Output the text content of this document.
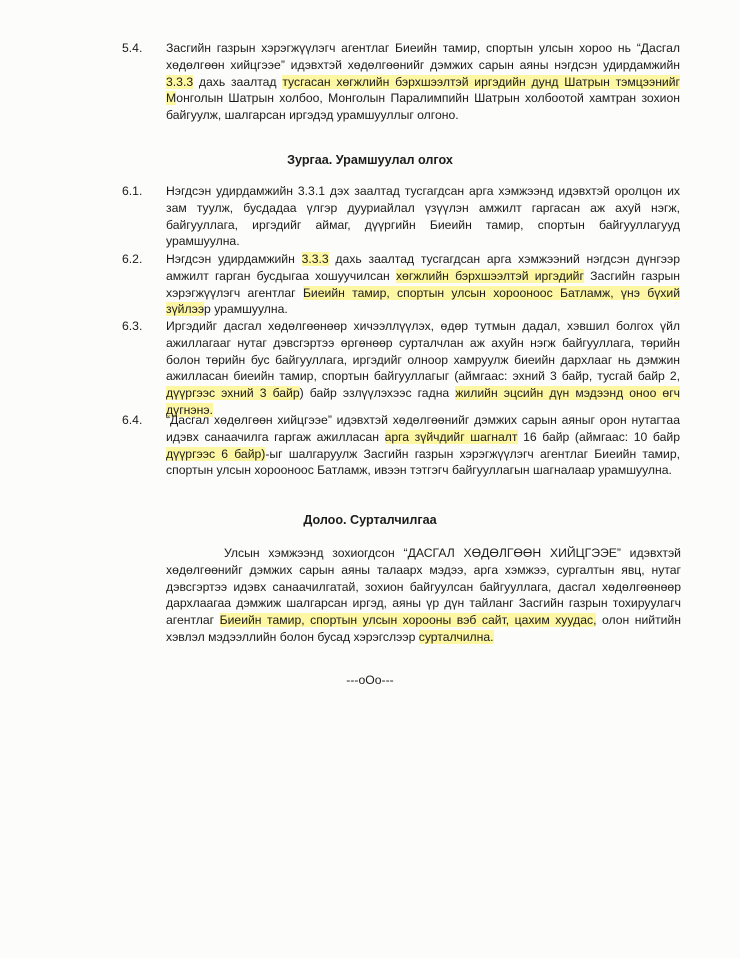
5.4.	Засгийн газрын хэрэгжүүлэгч агентлаг Биеийн тамир, спортын улсын хороо нь “Дасгал хөдөлгөөн хийцгээе” идэвхтэй хөдөлгөөнийг дэмжих сарын аяны нэгдсэн удирдамжийн 3.3.3 дахь заалтад тусгасан хөгжлийн бэрхшээлтэй иргэдийн дунд Шатрын тэмцээнийг Монголын Шатрын холбоо, Монголын Паралимпийн Шатрын холбоотой хамтран зохион байгуулж, шалгарсан иргэдэд урамшууллыг олгоно.
Зургаа. Урамшуулал олгох
6.1.	Нэгдсэн удирдамжийн 3.3.1 дэх заалтад тусгагдсан арга хэмжээнд идэвхтэй оролцон их зам туулж, бусдадаа үлгэр дууриайлал үзүүлэн амжилт гаргасан аж ахуй нэгж, байгууллага, иргэдийг аймаг, дүүргийн Биеийн тамир, спортын байгууллагууд урамшуулна.
6.2.	Нэгдсэн удирдамжийн 3.3.3 дахь заалтад тусгагдсан арга хэмжээний нэгдсэн дүнгээр амжилт гарган бусдыгаа хошуучилсан хөгжлийн бэрхшээлтэй иргэдийг Засгийн газрын хэрэгжүүлэгч агентлаг Биеийн тамир, спортын улсын хорооноос Батламж, үнэ бүхий зүйлээр урамшуулна.
6.3.	Иргэдийг дасгал хөдөлгөөнөөр хичээллүүлэх, өдөр тутмын дадал, хэвшил болгох үйл ажиллагааг нутаг дэвсгэртээ өргөнөөр сурталчлан аж ахуйн нэгж байгууллага, төрийн болон төрийн бус байгууллага, иргэдийг олноор хамруулж биеийн дархлааг нь дэмжин ажилласан биеийн тамир, спортын байгууллагыг (аймгаас: эхний 3 байр, тусгай байр 2, дүүргээс эхний 3 байр) байр эзлүүлэхээс гадна жилийн эцсийн дүн мэдээнд оноо өгч дүгнэнэ.
6.4.	“Дасгал хөдөлгөөн хийцгээе” идэвхтэй хөдөлгөөнийг дэмжих сарын аяныг орон нутагтаа идэвх санаачилга гаргаж ажилласан арга зүйчдийг шагналт 16 байр (аймгаас: 10 байр дүүргээс 6 байр)-ыг шалгаруулж Засгийн газрын хэрэгжүүлэгч агентлаг Биеийн тамир, спортын улсын хорооноос Батламж, ивээн тэтгэгч байгууллагын шагналаар урамшуулна.
Долоо. Сурталчилгаа
Улсын хэмжээнд зохиогдсон “ДАСГАЛ ХӨДӨЛГӨӨН ХИЙЦГЭЭЕ” идэвхтэй хөдөлгөөнийг дэмжих сарын аяны талаарх мэдээ, арга хэмжээ, сургалтын явц, нутаг дэвсгэртээ идэвх санаачилгатай, зохион байгуулсан байгууллага, дасгал хөдөлгөөнөөр дархлаагаа дэмжиж шалгарсан иргэд, аяны үр дүн тайланг Засгийн газрын тохируулагч агентлаг Биеийн тамир, спортын улсын хорооны вэб сайт, цахим хуудас, олон нийтийн хэвлэл мэдээллийн болон бусад хэрэгслээр сурталчилна.
---oOo---
